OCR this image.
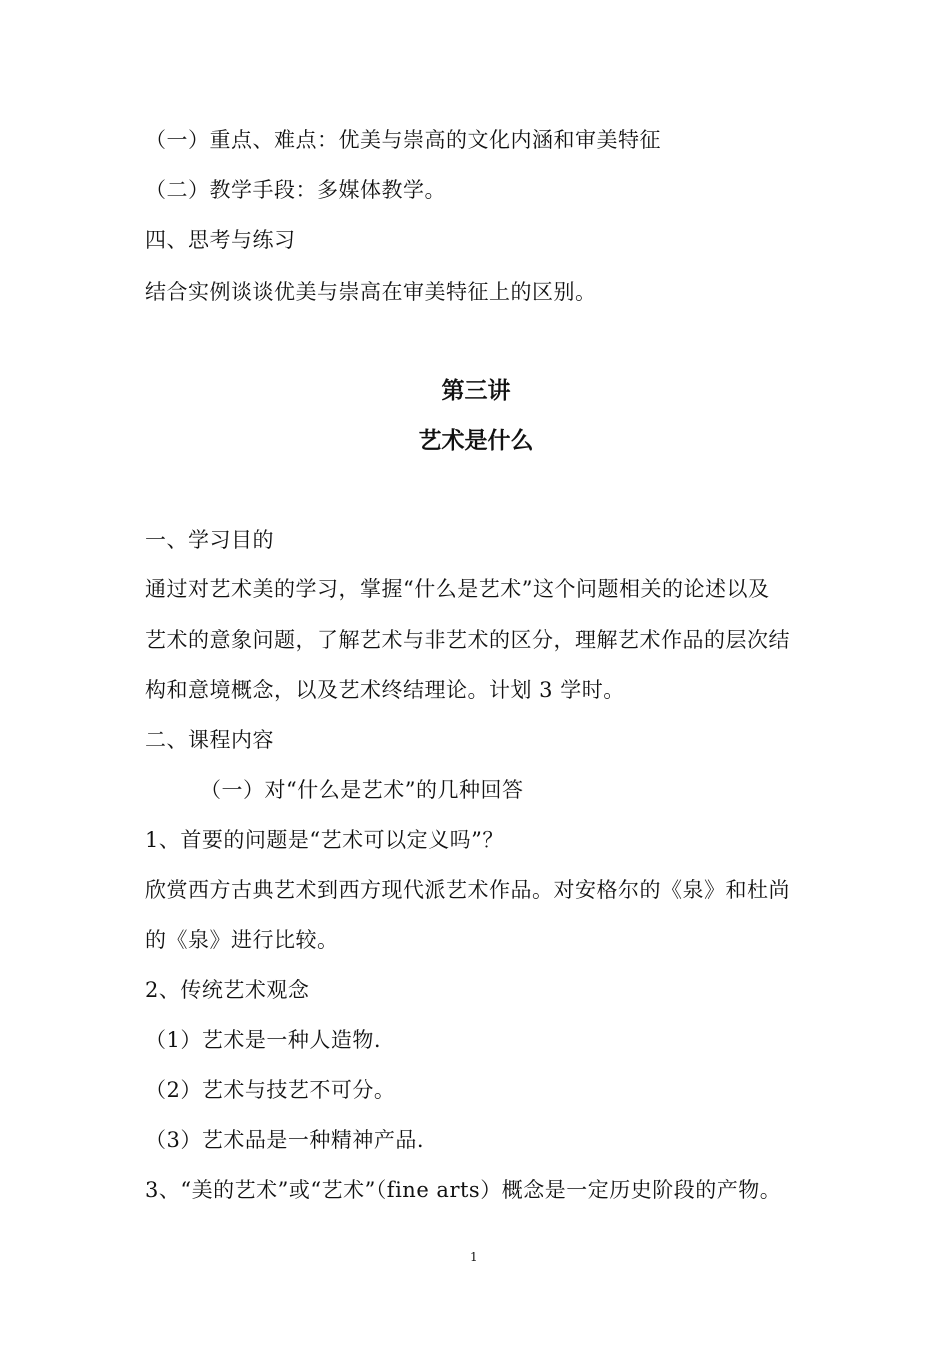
（一）重点、难点：优美与崇高的文化内涵和审美特征
（二）教学手段：多媒体教学。
四、思考与练习
结合实例谈谈优美与崇高在审美特征上的区别。
第三讲
艺术是什么
一、学习目的
通过对艺术美的学习，掌握“什么是艺术”这个问题相关的论述以及
艺术的意象问题，了解艺术与非艺术的区分，理解艺术作品的层次结
构和意境概念，以及艺术终结理论。计划 3 学时。
二、课程内容
（一）对“什么是艺术”的几种回答
1、首要的问题是“艺术可以定义吗”？
欣赏西方古典艺术到西方现代派艺术作品。对安格尔的《泉》和杜尚
的《泉》进行比较。
2、传统艺术观念
（1）艺术是一种人造物.
（2）艺术与技艺不可分。
（3）艺术品是一种精神产品.
3、“美的艺术”或“艺术”（fine arts）概念是一定历史阶段的产物。
1
